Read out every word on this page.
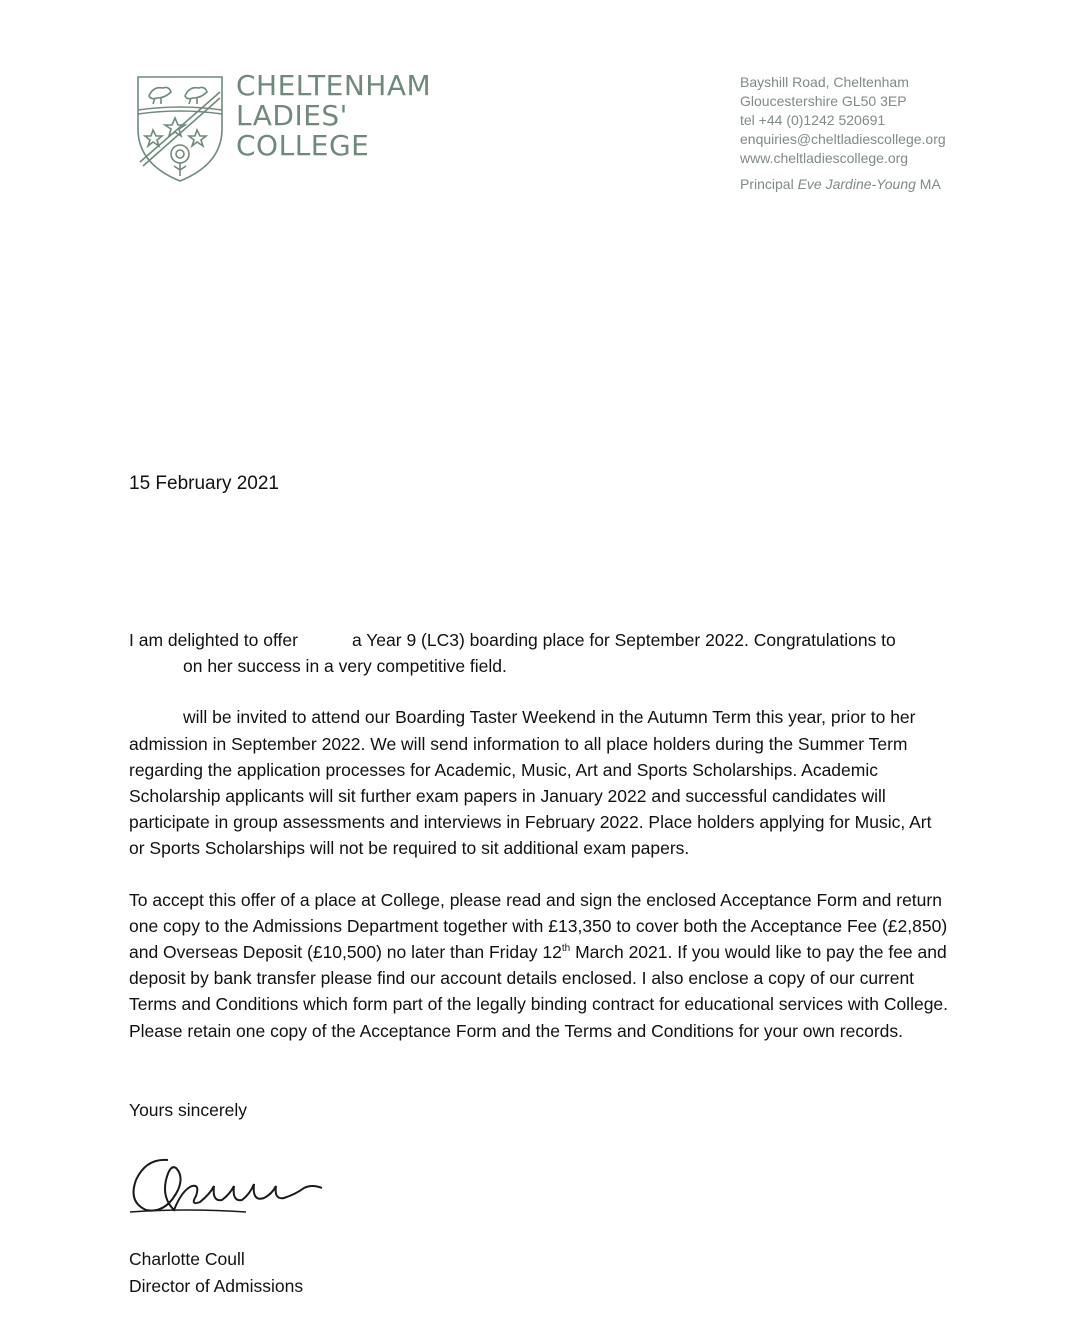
CHELTENHAM
LADIES'
COLLEGE
Bayshill Road, Cheltenham
Gloucestershire GL50 3EP
tel +44 (0)1242 520691
enquiries@cheltladiescollege.org
www.cheltladiescollege.org
Principal Eve Jardine-Young MA
15 February 2021

I am delighted to offer	a Year 9 (LC3) boarding place for September 2022. Congratulations to
on her success in a very competitive field.

will be invited to attend our Boarding Taster Weekend in the Autumn Term this year, prior to her admission in September 2022. We will send information to all place holders during the Summer Term regarding the application processes for Academic, Music, Art and Sports Scholarships. Academic Scholarship applicants will sit further exam papers in January 2022 and successful candidates will participate in group assessments and interviews in February 2022. Place holders applying for Music, Art or Sports Scholarships will not be required to sit additional exam papers.

To accept this offer of a place at College, please read and sign the enclosed Acceptance Form and return one copy to the Admissions Department together with £13,350 to cover both the Acceptance Fee (£2,850) and Overseas Deposit (£10,500) no later than Friday 12th March 2021. If you would like to pay the fee and deposit by bank transfer please find our account details enclosed. I also enclose a copy of our current Terms and Conditions which form part of the legally binding contract for educational services with College. Please retain one copy of the Acceptance Form and the Terms and Conditions for your own records.

Yours sincerely
Charlotte Coull
Director of Admissions
